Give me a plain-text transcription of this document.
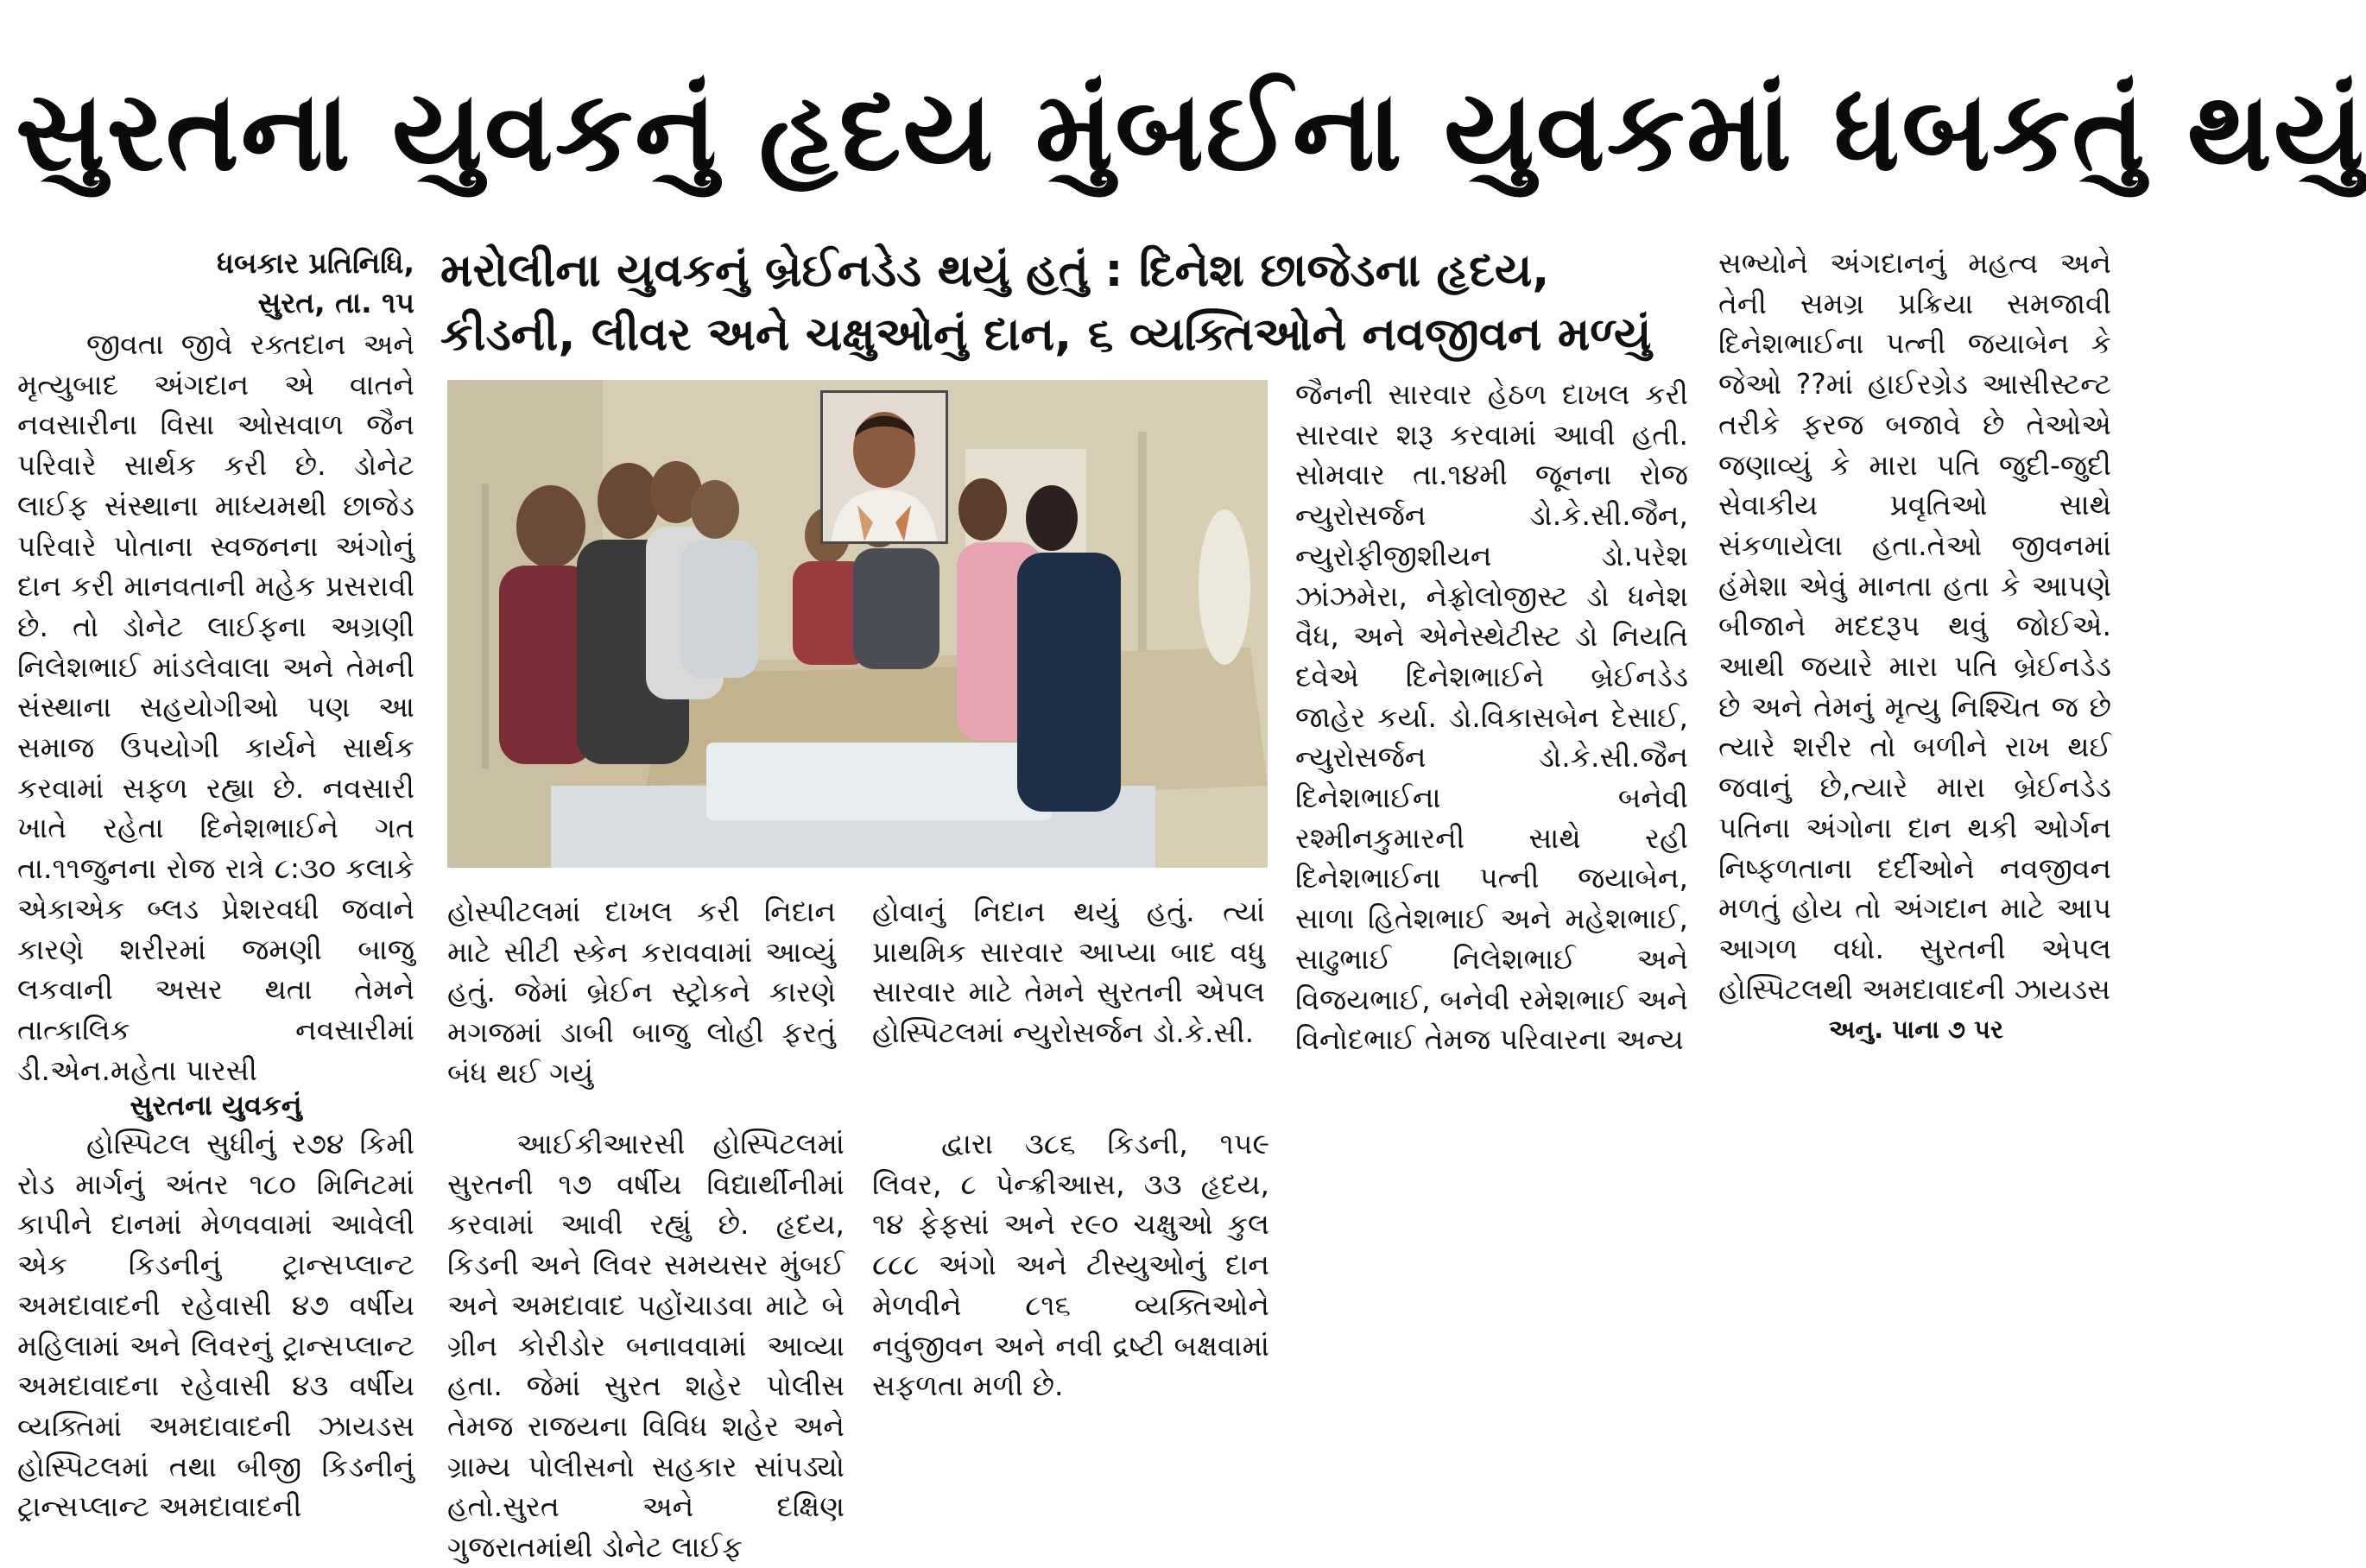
સુરતના યુવકનું હૃદય મુંબઈના યુવકમાં ધબકતું થયું
મરોલીના યુવકનું બ્રેઈનડેડ થયું હતું : દિનેશ છાજેડના હૃદય,
કીડની, લીવર અને ચક્ષુઓનું દાન, ૬ વ્યક્તિઓને નવજીવન મળ્યું
ધબકાર પ્રતિનિધિ,
સુરત, તા. ૧૫
જીવતા જીવે રક્તદાન અને મૃત્યુબાદ અંગદાન એ વાતને નવસારીના વિસા ઓસવાળ જૈન પરિવારે સાર્થક કરી છે. ડોનેટ લાઈફ સંસ્થાના માધ્યમથી છાજેડ પરિવારે પોતાના સ્વજનના અંગોનું દાન કરી માનવતાની મહેક પ્રસરાવી છે. તો ડોનેટ લાઈફના અગ્રણી નિલેશભાઈ માંડલેવાલા અને તેમની સંસ્થાના સહયોગીઓ પણ આ સમાજ ઉપયોગી કાર્યને સાર્થક કરવામાં સફળ રહ્યા છે. નવસારી ખાતે રહેતા દિનેશભાઈને ગત તા.૧૧જુનના રોજ રાત્રે ૮:૩૦ કલાકે એકાએક બ્લડ પ્રેશરવધી જવાને કારણે શરીરમાં જમણી બાજુ લકવાની અસર થતા તેમને તાત્કાલિક નવસારીમાં ડી.એન.મહેતા પારસી
હોસ્પીટલમાં દાખલ કરી નિદાન માટે સીટી સ્કેન કરાવવામાં આવ્યું હતું. જેમાં બ્રેઈન સ્ટ્રોકને કારણે મગજમાં ડાબી બાજુ લોહી ફરતું બંધ થઈ ગયું
હોવાનું નિદાન થયું હતું. ત્યાં પ્રાથમિક સારવાર આપ્યા બાદ વધુ સારવાર માટે તેમને સુરતની એપલ હોસ્પિટલમાં ન્યુરોસર્જન ડો.કે.સી.
જૈનની સારવાર હેઠળ દાખલ કરી સારવાર શરૂ કરવામાં આવી હતી. સોમવાર તા.૧૪મી જૂનના રોજ ન્યુરોસર્જન ડો.કે.સી.જૈન, ન્યુરોફીજીશીયન ડો.પરેશ ઝાંઝમેરા, નેફ્રોલોજીસ્ટ ડો ધનેશ વૈધ, અને એનેસ્થેટીસ્ટ ડો નિયતિ દવેએ દિનેશભાઈને બ્રેઈનડેડ જાહેર કર્યા. ડો.વિકાસબેન દેસાઈ, ન્યુરોસર્જન ડો.કે.સી.જૈન દિનેશભાઈના બનેવી રશ્મીનકુમારની સાથે રહી દિનેશભાઈના પત્ની જયાબેન, સાળા હિતેશભાઈ અને મહેશભાઈ, સાઢુભાઈ નિલેશભાઈ અને વિજયભાઈ, બનેવી રમેશભાઈ અને વિનોદભાઈ તેમજ પરિવારના અન્ય
સભ્યોને અંગદાનનું મહત્વ અને તેની સમગ્ર પ્રક્રિયા સમજાવી દિનેશભાઈના પત્ની જયાબેન કે જેઓ ??માં હાઈરગ્રેડ આસીસ્ટન્ટ તરીકે ફરજ બજાવે છે તેઓએ જણાવ્યું કે મારા પતિ જુદી-જુદી સેવાકીય પ્રવૃતિઓ સાથે સંકળાયેલા હતા.તેઓ જીવનમાં હંમેશા એવું માનતા હતા કે આપણે બીજાને મદદરૂપ થવું જોઈએ. આથી જયારે મારા પતિ બ્રેઈનડેડ છે અને તેમનું મૃત્યુ નિશ્ચિત જ છે ત્યારે શરીર તો બળીને રાખ થઈ જવાનું છે,ત્યારે મારા બ્રેઈનડેડ પતિના અંગોના દાન થકી ઓર્ગન નિષ્ફળતાના દર્દીઓને નવજીવન મળતું હોય તો અંગદાન માટે આપ આગળ વધો. સુરતની એપલ હોસ્પિટલથી અમદાવાદની ઝાયડસ
અનુ. પાના ૭ પર
સુરતના યુવકનું
હોસ્પિટલ સુધીનું ર૭૪ કિમી રોડ માર્ગનું અંતર ૧૮૦ મિનિટમાં કાપીને દાનમાં મેળવવામાં આવેલી એક કિડનીનું ટ્રાન્સપ્લાન્ટ અમદાવાદની રહેવાસી ૪૭ વર્ષીય મહિલામાં અને લિવરનું ટ્રાન્સપ્લાન્ટ અમદાવાદના રહેવાસી ૪૩ વર્ષીય વ્યક્તિમાં અમદાવાદની ઝાયડસ હોસ્પિટલમાં તથા બીજી કિડનીનું ટ્રાન્સપ્લાન્ટ અમદાવાદની
આઈકીઆરસી હોસ્પિટલમાં સુરતની ૧૭ વર્ષીય વિદ્યાર્થીનીમાં કરવામાં આવી રહ્યું છે. હૃદય, કિડની અને લિવર સમયસર મુંબઈ અને અમદાવાદ પહોંચાડવા માટે બે ગ્રીન કોરીડોર બનાવવામાં આવ્યા હતા. જેમાં સુરત શહેર પોલીસ તેમજ રાજયના વિવિધ શહેર અને ગ્રામ્ય પોલીસનો સહકાર સાંપડ્યો હતો.સુરત અને દક્ષિણ ગુજરાતમાંથી ડોનેટ લાઈફ
દ્વારા ૩૮૬ કિડની, ૧૫૯ લિવર, ૮ પેન્ક્રીઆસ, ૩૩ હૃદય, ૧૪ ફેફસાં અને ર૯૦ ચક્ષુઓ કુલ ૮૮૮ અંગો અને ટીસ્યુઓનું દાન મેળવીને ૮૧૬ વ્યક્તિઓને નવુંજીવન અને નવી દ્રષ્ટી બક્ષવામાં સફળતા મળી છે.
